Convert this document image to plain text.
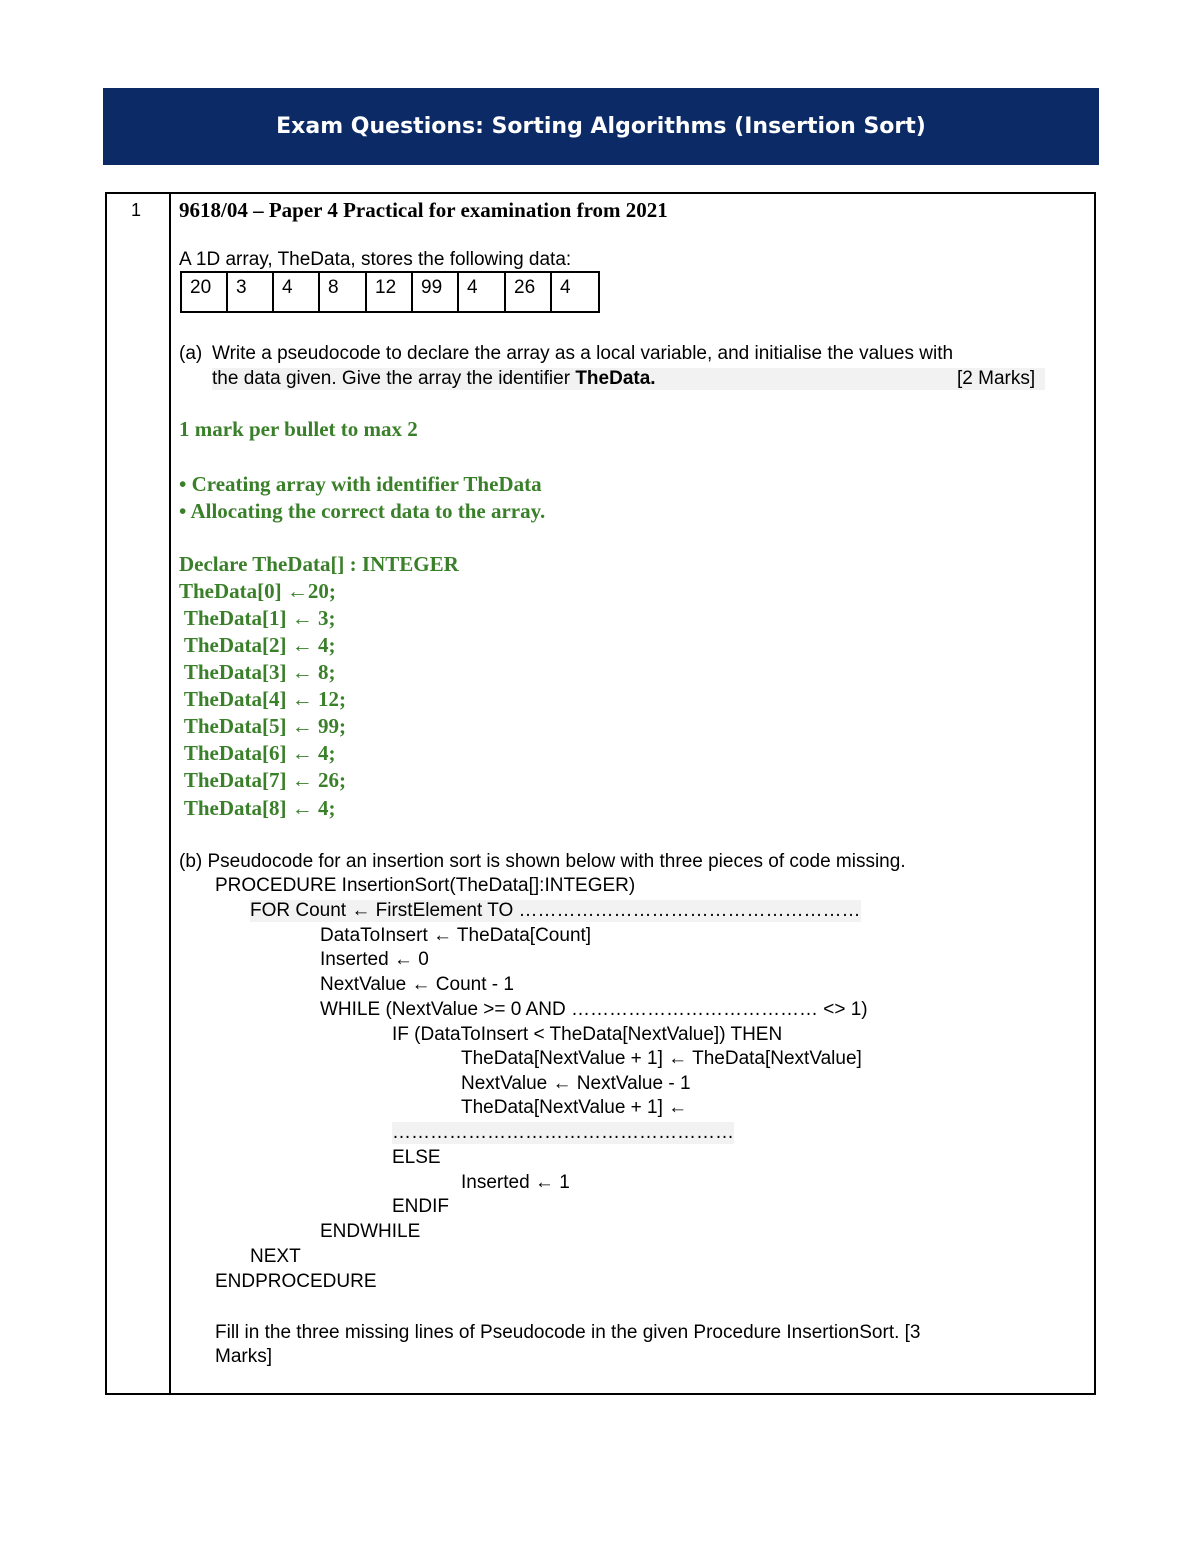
Exam Questions: Sorting Algorithms (Insertion Sort)
1 9618/04 – Paper 4 Practical for examination from 2021
A 1D array, TheData, stores the following data:
20	3	4	8	12	99	4	26	4
(a) Write a pseudocode to declare the array as a local variable, and initialise the values with
the data given. Give the array the identifier TheData.	[2 Marks]
1 mark per bullet to max 2
• Creating array with identifier TheData
• Allocating the correct data to the array.
Declare TheData[] : INTEGER
TheData[0] ←20;
TheData[1] ← 3;
TheData[2] ← 4;
TheData[3] ← 8;
TheData[4] ← 12;
TheData[5] ← 99;
TheData[6] ← 4;
TheData[7] ← 26;
TheData[8] ← 4;
(b) Pseudocode for an insertion sort is shown below with three pieces of code missing.
PROCEDURE InsertionSort(TheData[]:INTEGER)
FOR Count ← FirstElement TO ………………………………………………
DataToInsert ← TheData[Count]
Inserted ← 0
NextValue ← Count - 1
WHILE (NextValue >= 0 AND ………………………………… <> 1)
IF (DataToInsert < TheData[NextValue]) THEN
TheData[NextValue + 1] ← TheData[NextValue]
NextValue ← NextValue - 1
TheData[NextValue + 1] ←
………………………………………………
ELSE
Inserted ← 1
ENDIF
ENDWHILE
NEXT
ENDPROCEDURE
Fill in the three missing lines of Pseudocode in the given Procedure InsertionSort. [3
Marks]
